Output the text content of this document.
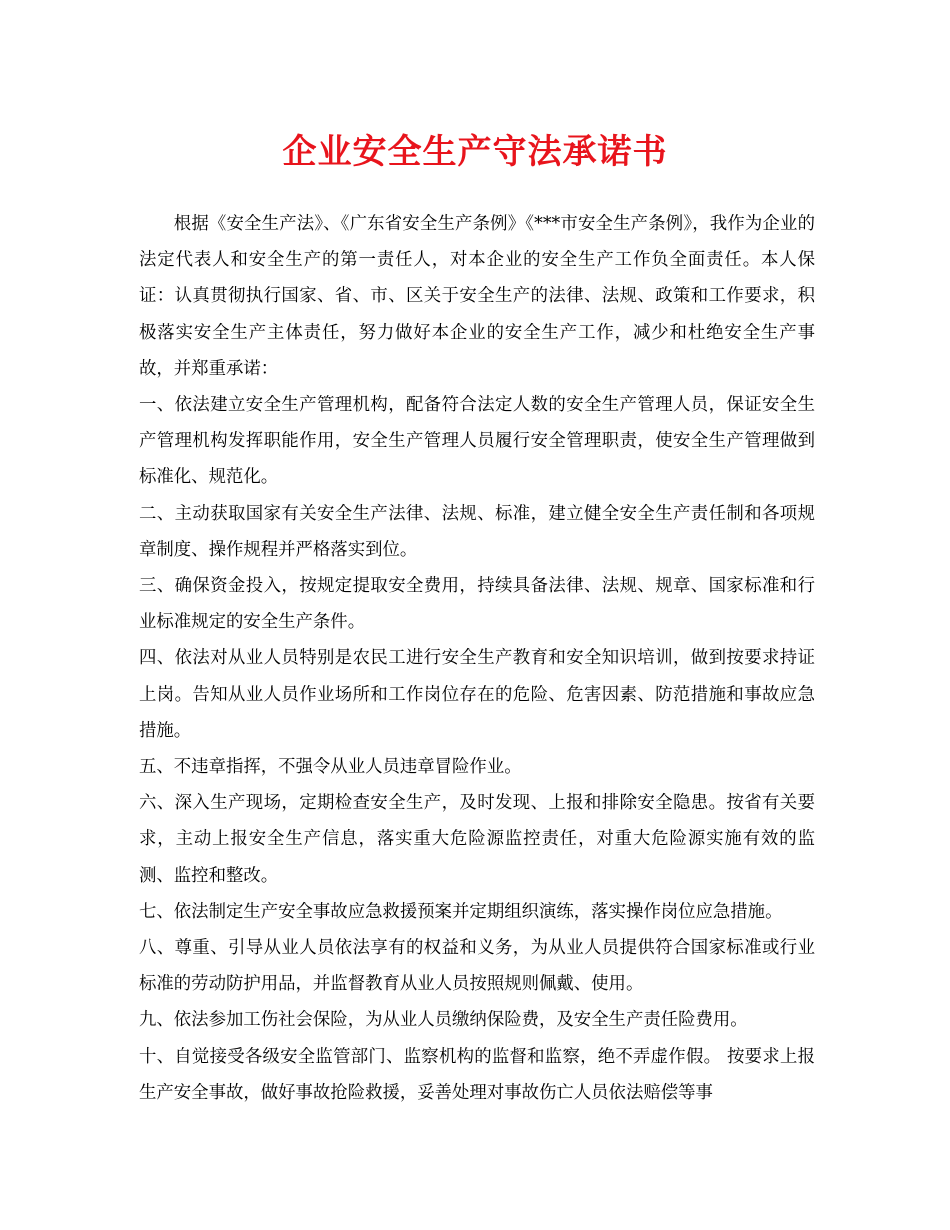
企业安全生产守法承诺书

根据《安全生产法》、《广东省安全生产条例》《***市安全生产条例》，我作为企业的法定代表人和安全生产的第一责任人，对本企业的安全生产工作负全面责任。本人保证：认真贯彻执行国家、省、市、区关于安全生产的法律、法规、政策和工作要求，积极落实安全生产主体责任，努力做好本企业的安全生产工作，减少和杜绝安全生产事故，并郑重承诺：

一、依法建立安全生产管理机构，配备符合法定人数的安全生产管理人员，保证安全生产管理机构发挥职能作用，安全生产管理人员履行安全管理职责，使安全生产管理做到标准化、规范化。

二、主动获取国家有关安全生产法律、法规、标准，建立健全安全生产责任制和各项规章制度、操作规程并严格落实到位。

三、确保资金投入，按规定提取安全费用，持续具备法律、法规、规章、国家标准和行业标准规定的安全生产条件。

四、依法对从业人员特别是农民工进行安全生产教育和安全知识培训，做到按要求持证上岗。告知从业人员作业场所和工作岗位存在的危险、危害因素、防范措施和事故应急措施。

五、不违章指挥，不强令从业人员违章冒险作业。

六、深入生产现场，定期检查安全生产，及时发现、上报和排除安全隐患。按省有关要求，主动上报安全生产信息，落实重大危险源监控责任，对重大危险源实施有效的监测、监控和整改。

七、依法制定生产安全事故应急救援预案并定期组织演练，落实操作岗位应急措施。

八、尊重、引导从业人员依法享有的权益和义务，为从业人员提供符合国家标准或行业标准的劳动防护用品，并监督教育从业人员按照规则佩戴、使用。

九、依法参加工伤社会保险，为从业人员缴纳保险费，及安全生产责任险费用。

十、自觉接受各级安全监管部门、监察机构的监督和监察，绝不弄虚作假。 按要求上报生产安全事故，做好事故抢险救援，妥善处理对事故伤亡人员依法赔偿等事
